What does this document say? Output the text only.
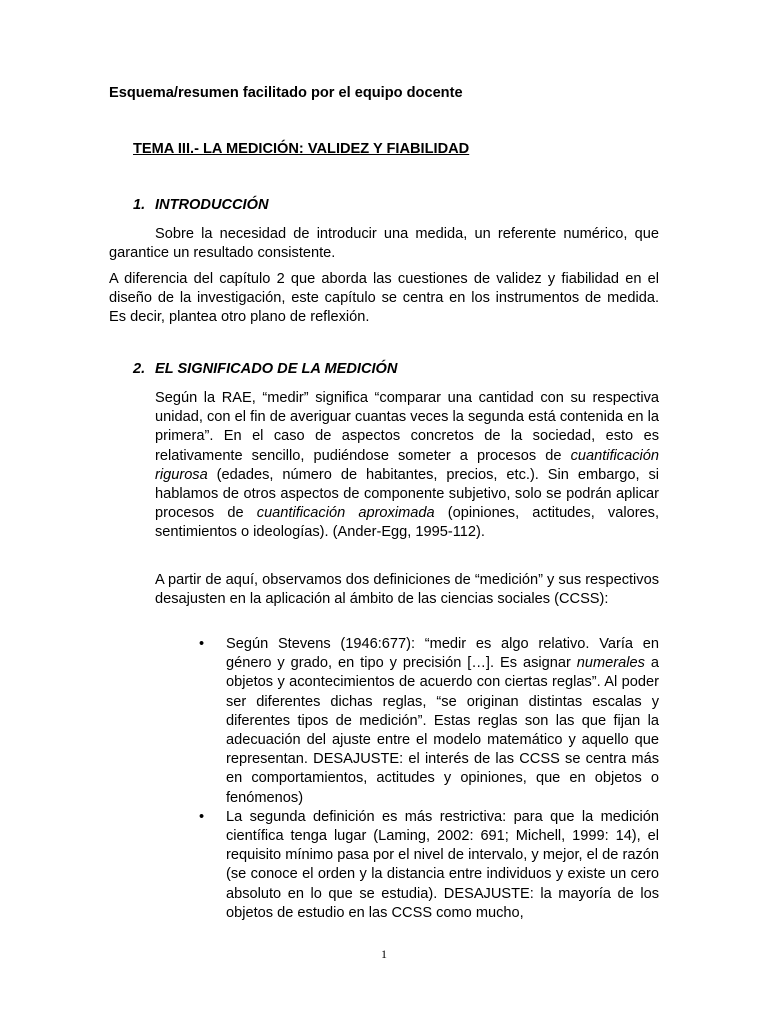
Esquema/resumen facilitado por el equipo docente
TEMA III.- LA MEDICIÓN: VALIDEZ Y FIABILIDAD
1. INTRODUCCIÓN

Sobre la necesidad de introducir una medida, un referente numérico, que garantice un resultado consistente.

A diferencia del capítulo 2 que aborda las cuestiones de validez y fiabilidad en el diseño de la investigación, este capítulo se centra en los instrumentos de medida. Es decir, plantea otro plano de reflexión.

2. EL SIGNIFICADO DE LA MEDICIÓN

Según la RAE, “medir” significa “comparar una cantidad con su respectiva unidad, con el fin de averiguar cuantas veces la segunda está contenida en la primera”. En el caso de aspectos concretos de la sociedad, esto es relativamente sencillo, pudiéndose someter a procesos de cuantificación rigurosa (edades, número de habitantes, precios, etc.). Sin embargo, si hablamos de otros aspectos de componente subjetivo, solo se podrán aplicar procesos de cuantificación aproximada (opiniones, actitudes, valores, sentimientos o ideologías). (Ander-Egg, 1995-112).

A partir de aquí, observamos dos definiciones de “medición” y sus respectivos desajusten en la aplicación al ámbito de las ciencias sociales (CCSS):

• Según Stevens (1946:677): “medir es algo relativo. Varía en género y grado, en tipo y precisión […]. Es asignar numerales a objetos y acontecimientos de acuerdo con ciertas reglas”. Al poder ser diferentes dichas reglas, “se originan distintas escalas y diferentes tipos de medición”. Estas reglas son las que fijan la adecuación del ajuste entre el modelo matemático y aquello que representan. DESAJUSTE: el interés de las CCSS se centra más en comportamientos, actitudes y opiniones, que en objetos o fenómenos)
• La segunda definición es más restrictiva: para que la medición científica tenga lugar (Laming, 2002: 691; Michell, 1999: 14), el requisito mínimo pasa por el nivel de intervalo, y mejor, el de razón (se conoce el orden y la distancia entre individuos y existe un cero absoluto en lo que se estudia). DESAJUSTE: la mayoría de los objetos de estudio en las CCSS como mucho,
1
